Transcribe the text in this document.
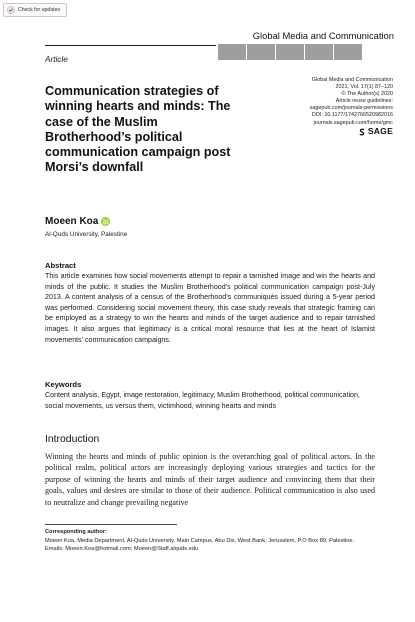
Check for updates
Global Media and Communication
Article
Global Media and Communication
2021, Vol. 17(1) 87–120
© The Author(s) 2020
Article reuse guidelines:
sagepub.com/journals-permissions
DOI: 10.1177/1742766520982016
journals.sagepub.com/home/gmc
SAGE
Communication strategies of winning hearts and minds: The case of the Muslim Brotherhood’s political communication campaign post Morsi’s downfall
Moeen Koa
Al-Quds University, Palestine
Abstract

This article examines how social movements attempt to repair a tarnished image and win the hearts and minds of the public. It studies the Muslim Brotherhood’s political communication campaign post-July 2013. A content analysis of a census of the Brotherhood’s communiqués issued during a 5-year period was performed. Considering social movement theory, this case study reveals that strategic framing can be employed as a strategy to win the hearts and minds of the target audience and to repair tarnished images. It also argues that legitimacy is a critical moral resource that lies at the heart of Islamist movements’ communication campaigns.

Keywords

Content analysis, Egypt, image restoration, legitimacy, Muslim Brotherhood, political communication, social movements, us versus them, victimhood, winning hearts and minds

Introduction

Winning the hearts and minds of public opinion is the overarching goal of political actors. In the political realm, political actors are increasingly deploying various strategies and tactics for the purpose of winning the hearts and minds of their target audience and convincing them that their goals, values and desires are similar to those of their audience. Political communication is also used to neutralize and change prevailing negative

Corresponding author:
Moeen Koa, Media Department, Al-Quds University, Main Campus, Abu Dis, West Bank, Jerusalem, P.O Box 89, Palestine.
Emails: Moeen.Koa@hotmail.com; Moeen@Staff.alquds.edu
